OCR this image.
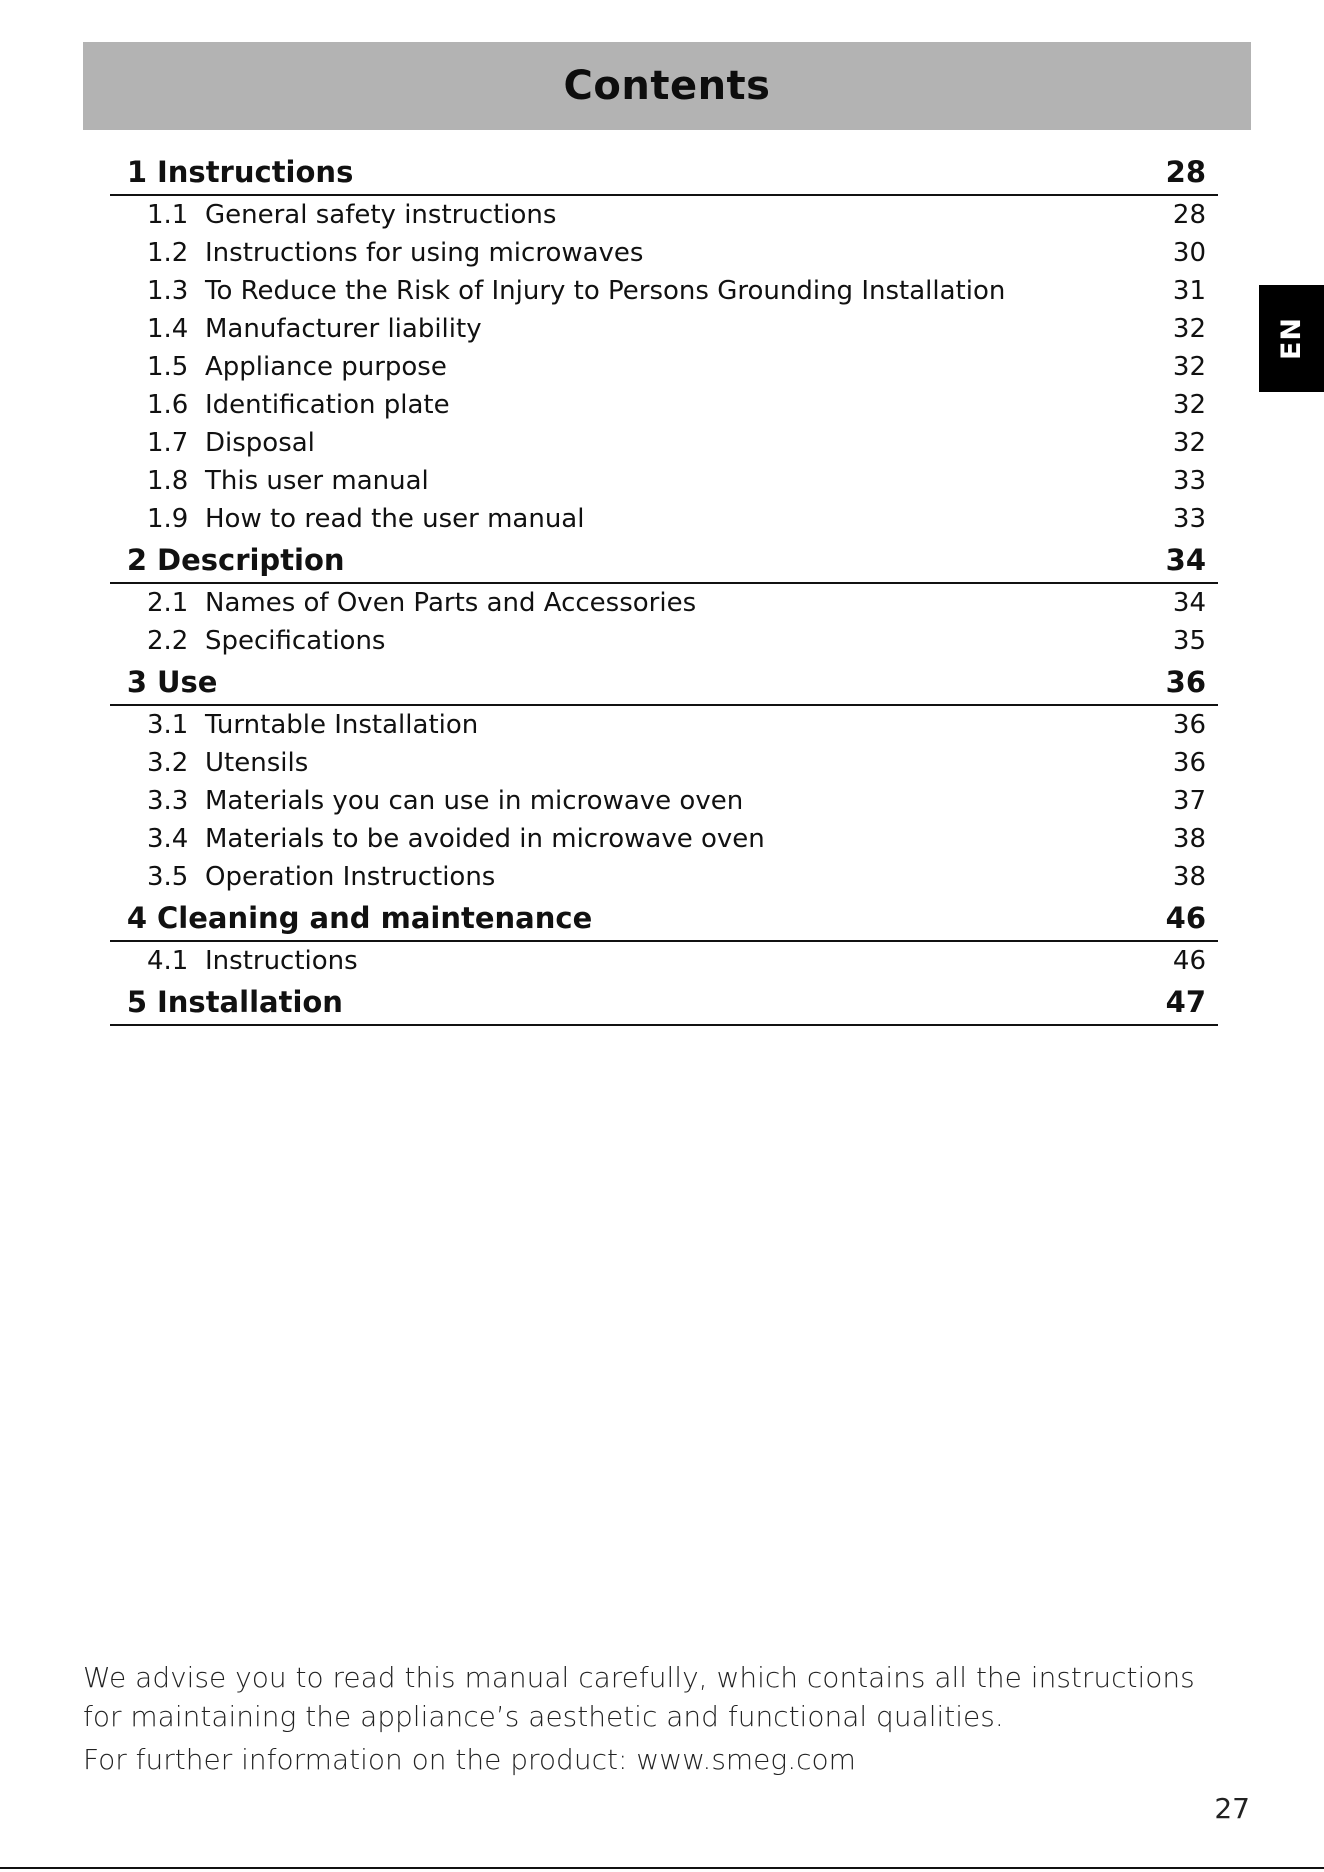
Contents
EN
1 Instructions	28
1.1 General safety instructions	28
1.2 Instructions for using microwaves	30
1.3 To Reduce the Risk of Injury to Persons Grounding Installation	31
1.4 Manufacturer liability	32
1.5 Appliance purpose	32
1.6 Identification plate	32
1.7 Disposal	32
1.8 This user manual	33
1.9 How to read the user manual	33
2 Description	34
2.1 Names of Oven Parts and Accessories	34
2.2 Specifications	35
3 Use	36
3.1 Turntable Installation	36
3.2 Utensils	36
3.3 Materials you can use in microwave oven	37
3.4 Materials to be avoided in microwave oven	38
3.5 Operation Instructions	38
4 Cleaning and maintenance	46
4.1 Instructions	46
5 Installation	47

We advise you to read this manual carefully, which contains all the instructions for maintaining the appliance’s aesthetic and functional qualities.

For further information on the product: www.smeg.com

27
